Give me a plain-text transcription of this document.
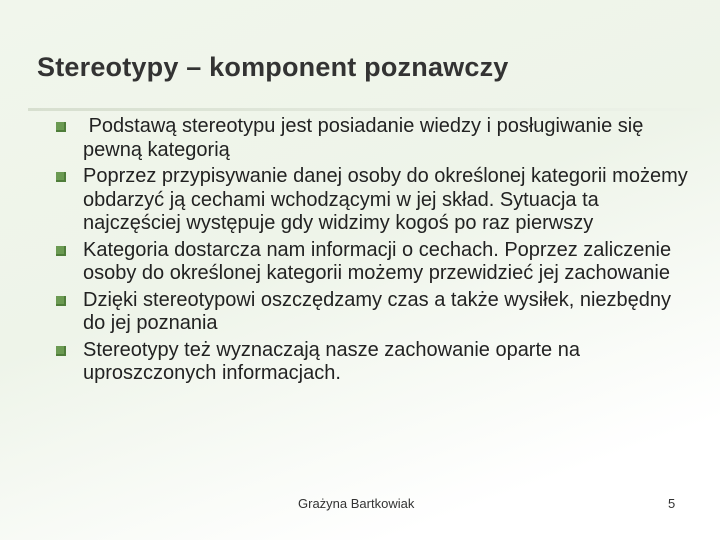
Stereotypy – komponent poznawczy
Podstawą stereotypu jest posiadanie wiedzy i posługiwanie się pewną kategorią
Poprzez przypisywanie danej osoby do określonej kategorii możemy obdarzyć ją cechami wchodzącymi w jej skład. Sytuacja ta najczęściej występuje gdy widzimy kogoś po raz pierwszy
Kategoria dostarcza nam informacji o cechach. Poprzez zaliczenie osoby do określonej kategorii możemy przewidzieć jej zachowanie
Dzięki stereotypowi oszczędzamy czas a także wysiłek, niezbędny do jej poznania
Stereotypy też wyznaczają nasze zachowanie oparte na uproszczonych informacjach.
Grażyna Bartkowiak	5
